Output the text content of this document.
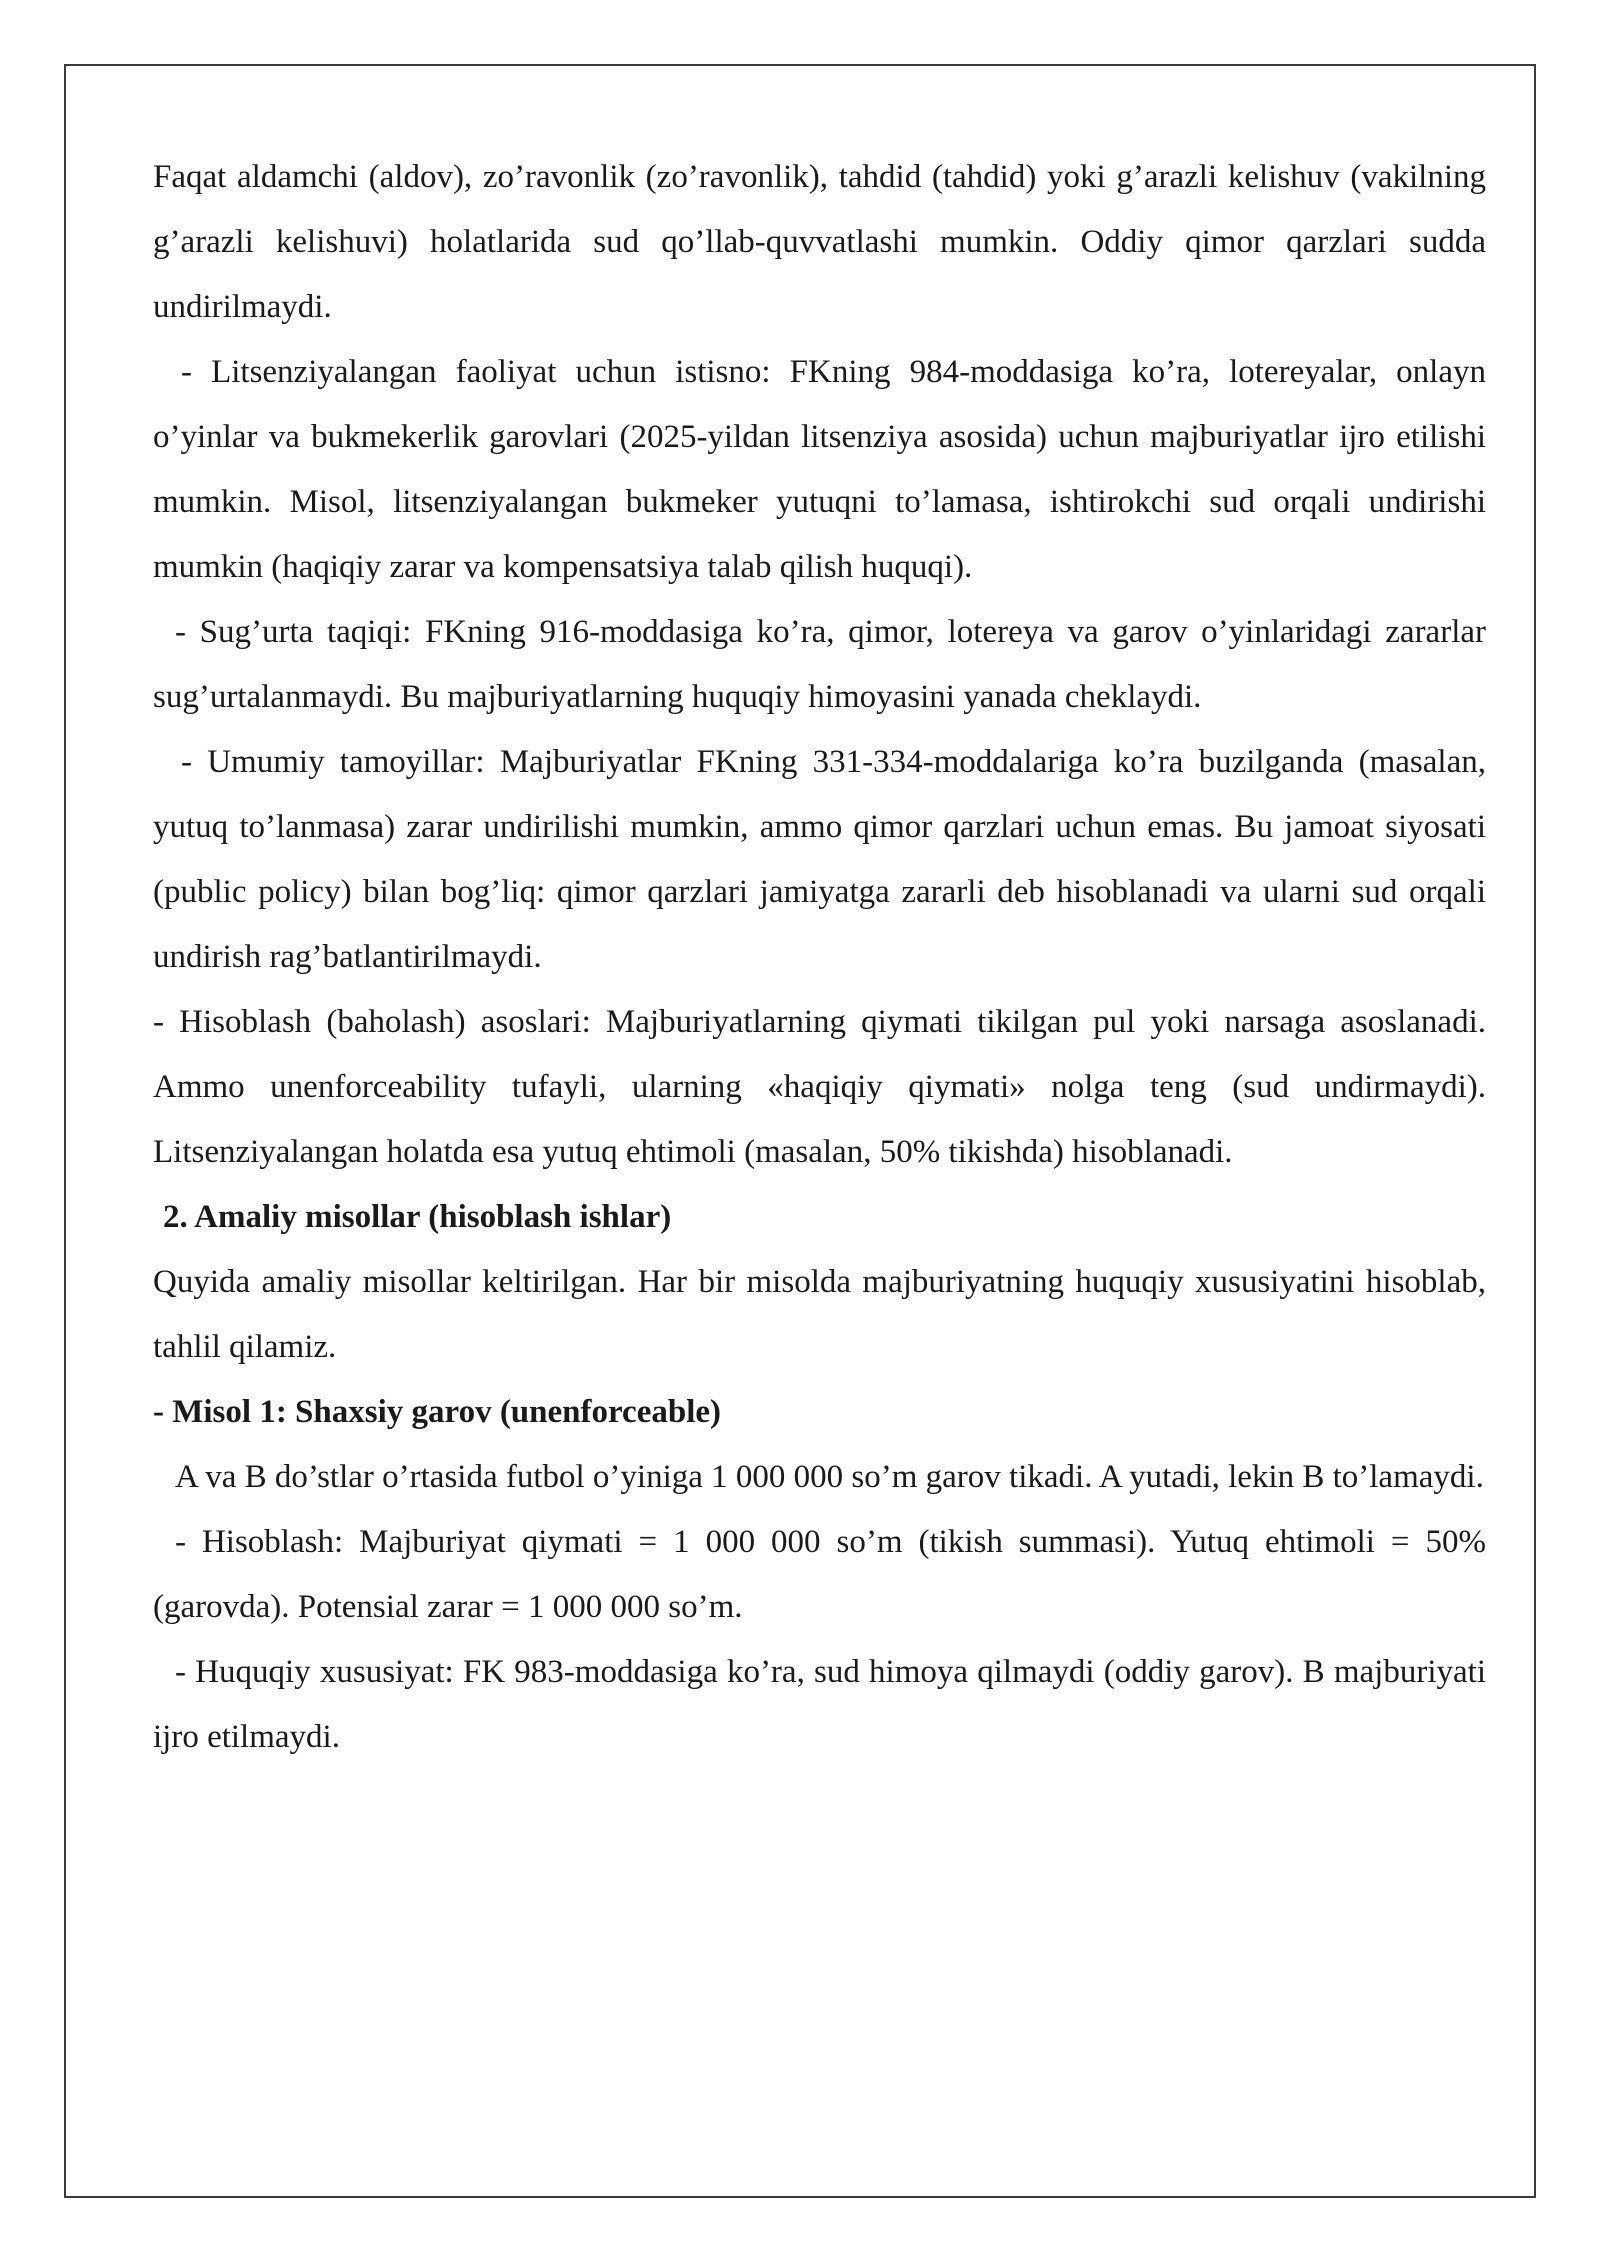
Faqat aldamchi (aldov), zo’ravonlik (zo’ravonlik), tahdid (tahdid) yoki g’arazli kelishuv (vakilning g’arazli kelishuvi) holatlarida sud qo’llab-quvvatlashi mumkin. Oddiy qimor qarzlari sudda undirilmaydi.

- Litsenziyalangan faoliyat uchun istisno: FKning 984-moddasiga ko’ra, lotereyalar, onlayn o’yinlar va bukmekerlik garovlari (2025-yildan litsenziya asosida) uchun majburiyatlar ijro etilishi mumkin. Misol, litsenziyalangan bukmeker yutuqni to’lamasa, ishtirokchi sud orqali undirishi mumkin (haqiqiy zarar va kompensatsiya talab qilish huquqi).

- Sug’urta taqiqi: FKning 916-moddasiga ko’ra, qimor, lotereya va garov o’yinlaridagi zararlar sug’urtalanmaydi. Bu majburiyatlarning huquqiy himoyasini yanada cheklaydi.

- Umumiy tamoyillar: Majburiyatlar FKning 331-334-moddalariga ko’ra buzilganda (masalan, yutuq to’lanmasa) zarar undirilishi mumkin, ammo qimor qarzlari uchun emas. Bu jamoat siyosati (public policy) bilan bog’liq: qimor qarzlari jamiyatga zararli deb hisoblanadi va ularni sud orqali undirish rag’batlantirilmaydi.

- Hisoblash (baholash) asoslari: Majburiyatlarning qiymati tikilgan pul yoki narsaga asoslanadi. Ammo unenforceability tufayli, ularning «haqiqiy qiymati» nolga teng (sud undirmaydi). Litsenziyalangan holatda esa yutuq ehtimoli (masalan, 50% tikishda) hisoblanadi.

2. Amaliy misollar (hisoblash ishlar)

Quyida amaliy misollar keltirilgan. Har bir misolda majburiyatning huquqiy xususiyatini hisoblab, tahlil qilamiz.

- Misol 1: Shaxsiy garov (unenforceable)

A va B do’stlar o’rtasida futbol o’yiniga 1 000 000 so’m garov tikadi. A yutadi, lekin B to’lamaydi.

- Hisoblash: Majburiyat qiymati = 1 000 000 so’m (tikish summasi). Yutuq ehtimoli = 50% (garovda). Potensial zarar = 1 000 000 so’m.

- Huquqiy xususiyat: FK 983-moddasiga ko’ra, sud himoya qilmaydi (oddiy garov). B majburiyati ijro etilmaydi.
